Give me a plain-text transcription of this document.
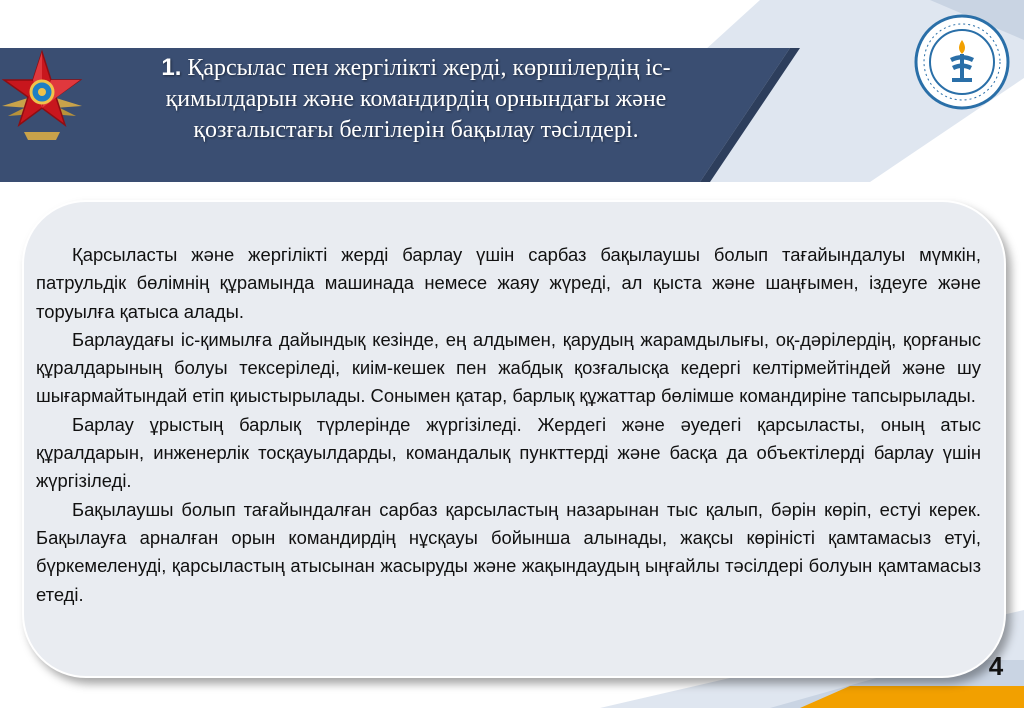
1. Қарсылас пен жергілікті жерді, көршілердің іс-қимылдарын және командирдің орнындағы және қозғалыстағы белгілерін бақылау тәсілдері.

Қарсыласты және жергілікті жерді барлау үшін сарбаз бақылаушы болып тағайындалуы мүмкін, патрульдік бөлімнің құрамында машинада немесе жаяу жүреді, ал қыста және шаңғымен, іздеуге және торуылға қатыса алады.

Барлаудағы іс-қимылға дайындық кезінде, ең алдымен, қарудың жарамдылығы, оқ-дәрілердің, қорғаныс құралдарының болуы тексеріледі, киім-кешек пен жабдық қозғалысқа кедергі келтірмейтіндей және шу шығармайтындай етіп қиыстырылады. Сонымен қатар, барлық құжаттар бөлімше командиріне тапсырылады.

Барлау ұрыстың барлық түрлерінде жүргізіледі. Жердегі және әуедегі қарсыласты, оның атыс құралдарын, инженерлік тосқауылдарды, командалық пункттерді және басқа да объектілерді барлау үшін жүргізіледі.

Бақылаушы болып тағайындалған сарбаз қарсыластың назарынан тыс қалып, бәрін көріп, естуі керек. Бақылауға арналған орын командирдің нұсқауы бойынша алынады, жақсы көріністі қамтамасыз етуі, бүркемеленуді, қарсыластың атысынан жасыруды және жақындаудың ыңғайлы тәсілдері болуын қамтамасыз етеді.

4
